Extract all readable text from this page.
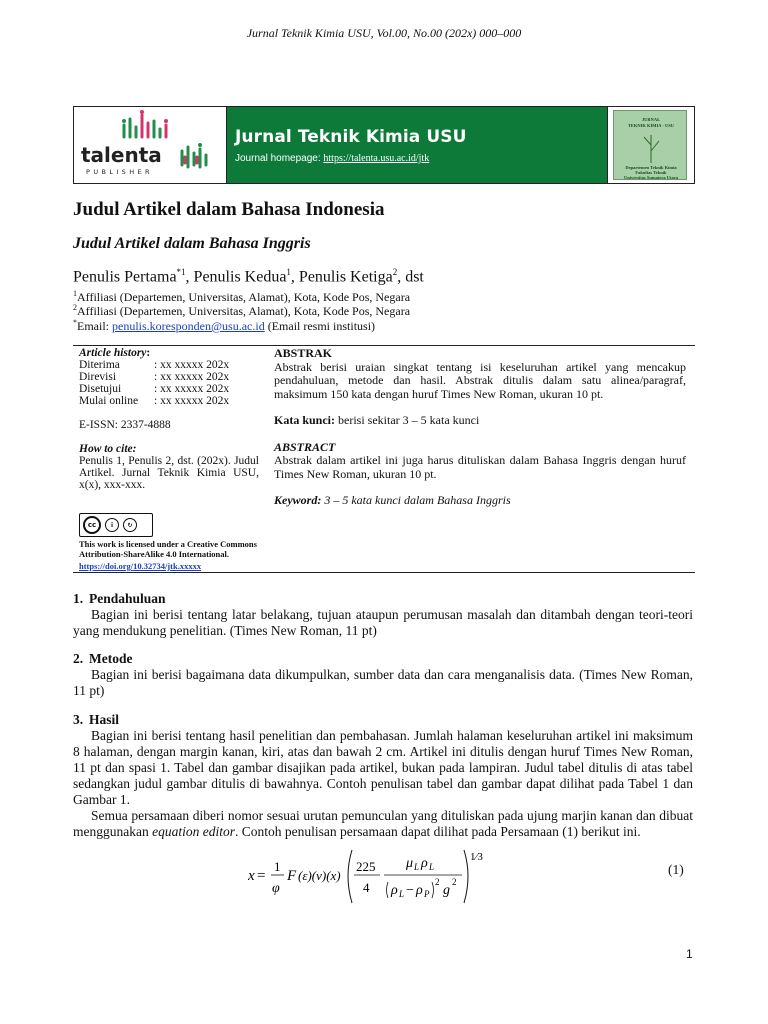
Jurnal Teknik Kimia USU, Vol.00, No.00 (202x) 000–000
talenta
PUBLISHER
Jurnal Teknik Kimia USU
Journal homepage: https://talenta.usu.ac.id/jtk
JURNAL
TEKNIK KIMIA · USU
Departemen Teknik Kimia
Fakultas Teknik
Universitas Sumatera Utara
Judul Artikel dalam Bahasa Indonesia
Judul Artikel dalam Bahasa Inggris
Penulis Pertama$^{*1}$, Penulis Kedua$^1$, Penulis Ketiga$^2$, dst
$^1$Affiliasi (Departemen, Universitas, Alamat), Kota, Kode Pos, Negara
$^2$Affiliasi (Departemen, Universitas, Alamat), Kota, Kode Pos, Negara
*Email: penulis.koresponden@usu.ac.id (Email resmi institusi)
Article history:
Diterima	: xx xxxxx 202x
Direvisi	: xx xxxxx 202x
Disetujui	: xx xxxxx 202x
Mulai online	: xx xxxxx 202x
E-ISSN: 2337-4888
How to cite:
Penulis 1, Penulis 2, dst. (202x). Judul Artikel. Jurnal Teknik Kimia USU, x(x), xxx-xxx.
cc	i	↻
This work is licensed under a Creative Commons Attribution-ShareAlike 4.0 International.
https://doi.org/10.32734/jtk.xxxxx
ABSTRAK
Abstrak berisi uraian singkat tentang isi keseluruhan artikel yang mencakup pendahuluan, metode dan hasil. Abstrak ditulis dalam satu alinea/paragraf, maksimum 150 kata dengan huruf Times New Roman, ukuran 10 pt.
Kata kunci: berisi sekitar 3 – 5 kata kunci
ABSTRACT
Abstrak dalam artikel ini juga harus dituliskan dalam Bahasa Inggris dengan huruf Times New Roman, ukuran 10 pt.
Keyword: 3 – 5 kata kunci dalam Bahasa Inggris
1. Pendahuluan
Bagian ini berisi tentang latar belakang, tujuan ataupun perumusan masalah dan ditambah dengan teori-teori yang mendukung penelitian. (Times New Roman, 11 pt)
2. Metode
Bagian ini berisi bagaimana data dikumpulkan, sumber data dan cara menganalisis data. (Times New Roman, 11 pt)
3. Hasil
Bagian ini berisi tentang hasil penelitian dan pembahasan. Jumlah halaman keseluruhan artikel ini maksimum 8 halaman, dengan margin kanan, kiri, atas dan bawah 2 cm. Artikel ini ditulis dengan huruf Times New Roman, 11 pt dan spasi 1. Tabel dan gambar disajikan pada artikel, bukan pada lampiran. Judul tabel ditulis di atas tabel sedangkan judul gambar ditulis di bawahnya. Contoh penulisan tabel dan gambar dapat dilihat pada Tabel 1 dan Gambar 1.
Semua persamaan diberi nomor sesuai urutan pemunculan yang dituliskan pada ujung marjin kanan dan dibuat menggunakan equation editor. Contoh penulisan persamaan dapat dilihat pada Persamaan (1) berikut ini.
x =
1
φ
F (ε)(v)(x)
225
4
μ L ρ L
ρ L − ρ P
2
g
2
1⁄3
(1)
1
